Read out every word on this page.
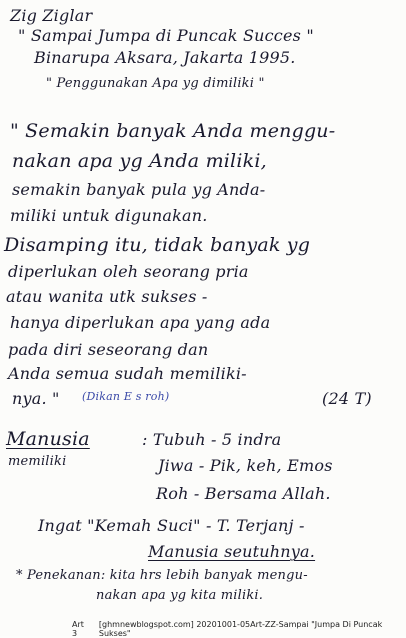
Zig Ziglar
" Sampai Jumpa di Puncak Succes "
Binarupa Aksara, Jakarta 1995.
" Penggunakan Apa yg dimiliki "
" Semakin banyak Anda menggu-
nakan apa yg Anda miliki,
semakin banyak pula yg Anda-
miliki untuk digunakan.
Disamping itu, tidak banyak yg
diperlukan oleh seorang pria
atau wanita utk sukses -
hanya diperlukan apa yang ada
pada diri seseorang dan
Anda semua sudah memiliki-
nya. " (Dikan E s roh)	(24 T)
Manusia
memiliki
: Tubuh - 5 indra
Jiwa - Pik, keh, Emos
Roh - Bersama Allah.
Ingat "Kemah Suci" - T. Terjanj -
Manusia seutuhnya.
* Penekanan: kita hrs lebih banyak mengu-
nakan apa yg kita miliki.
Art 3
[ghmnewblogspot.com] 20201001-05Art-ZZ-Sampai "Jumpa Di Puncak Sukses"
